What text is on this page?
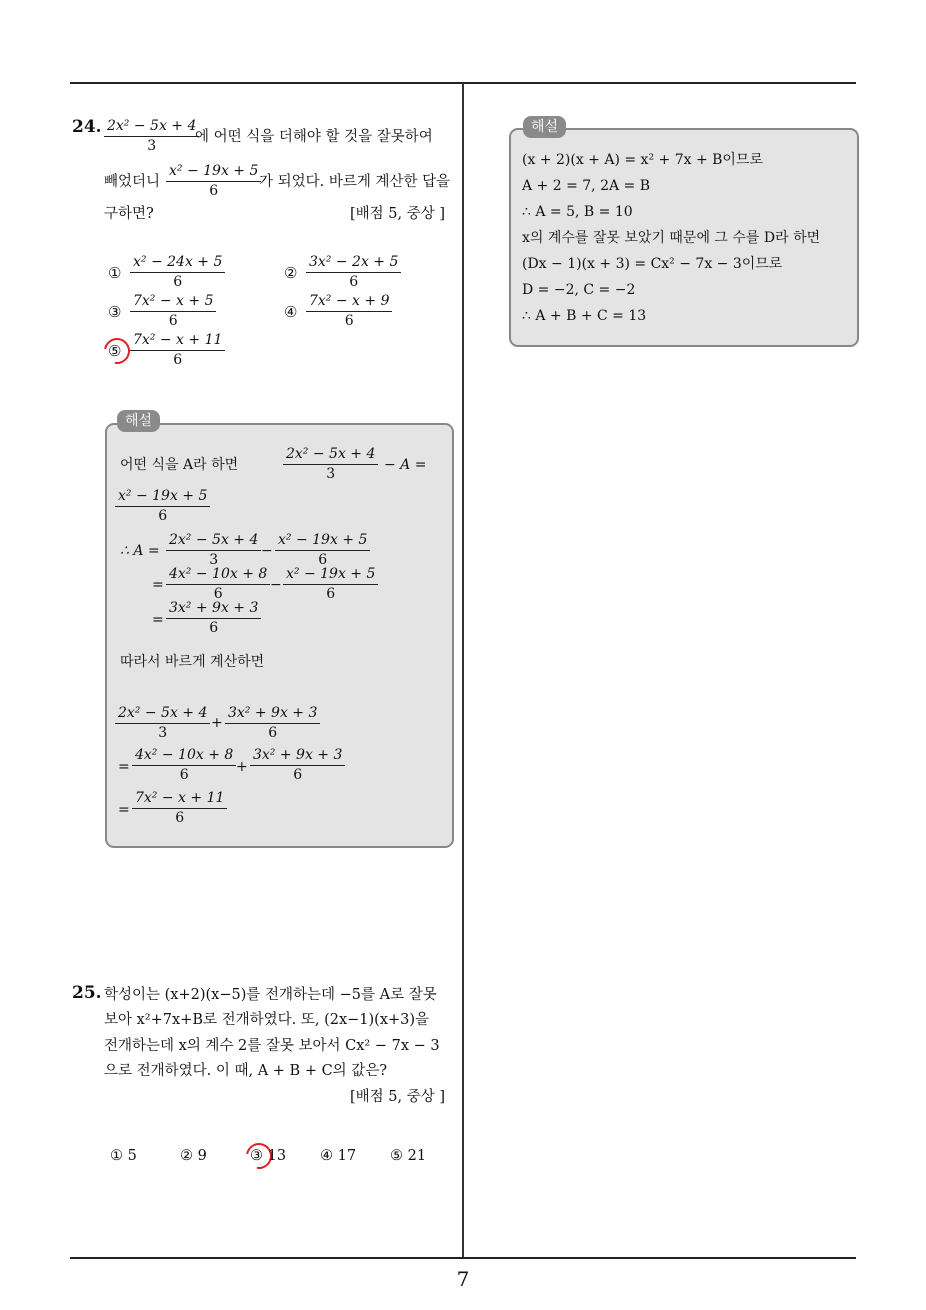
24. $\frac{\text{2x² − 5x + 4}}{3}$
에 어떤 식을 더해야 할 것을 잘못하여
빼었더니 $\frac{\text{x² − 19x + 5}}{6}$
가 되었다. 바르게 계산한 답을
구하면?	[배점 5, 중상 ]
① $\frac{\text{x² − 24x + 5}}{6}$	② $\frac{\text{3x² − 2x + 5}}{6}$
③ $\frac{\text{7x² − x + 5}}{6}$	④ $\frac{\text{7x² − x + 9}}{6}$
⑤ $\frac{\text{7x² − x + 11}}{6}$
해설
어떤 식을 A라 하면	$\frac{\text{2x² − 5x + 4}}{3} - A$ =
$\frac{\text{x² − 19x + 5}}{6}$
∴ $A = \frac{\text{2x² − 5x + 4}}{3} - \frac{\text{x² − 19x + 5}}{6}$
= $\frac{\text{4x² − 10x + 8}}{6} - \frac{\text{x² − 19x + 5}}{6}$
= $\frac{\text{3x² + 9x + 3}}{6}$
따라서 바르게 계산하면
$\frac{\text{2x² − 5x + 4}}{3} + \frac{\text{3x² + 9x + 3}}{6}$
= $\frac{\text{4x² − 10x + 8}}{6} + \frac{\text{3x² + 9x + 3}}{6}$
= $\frac{\text{7x² − x + 11}}{6}$
25. 학성이는 (x+2)(x−5)를 전개하는데 −5를 A로 잘못
보아 x²+7x+B로 전개하였다. 또, (2x−1)(x+3)을
전개하는데 x의 계수 2를 잘못 보아서 Cx² − 7x − 3
으로 전개하였다. 이 때, A + B + C의 값은?
[배점 5, 중상 ]
① 5	② 9	③ 13 ④ 17 ⑤ 21
해설
(x + 2)(x + A) = x² + 7x + B이므로
A + 2 = 7, 2A = B
∴ A = 5, B = 10
x의 계수를 잘못 보았기 때문에 그 수를 D라 하면
(Dx − 1)(x + 3) = Cx² − 7x − 3이므로
D = −2, C = −2
∴ A + B + C = 13
7
